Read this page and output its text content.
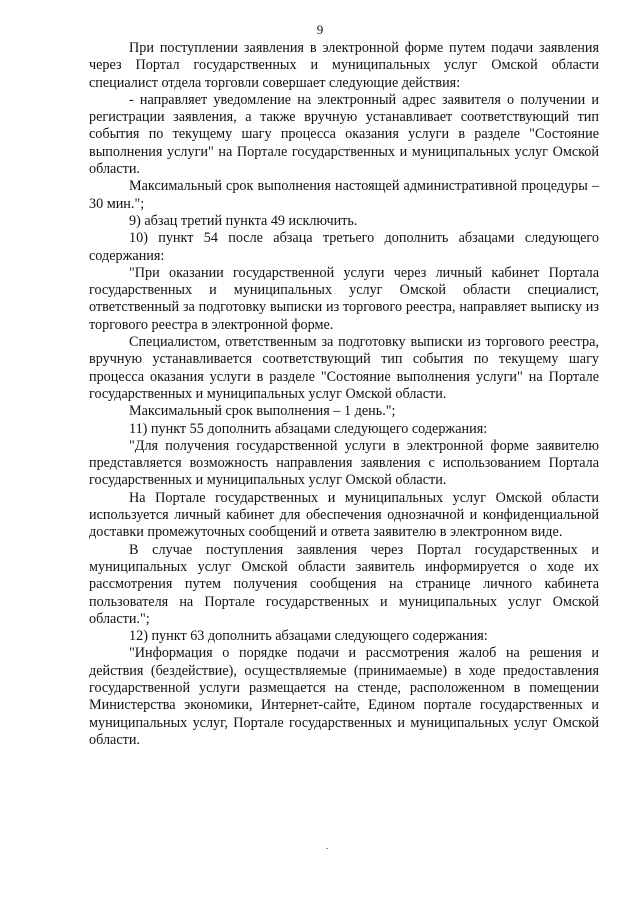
9

При поступлении заявления в электронной форме путем подачи заявления через Портал государственных и муниципальных услуг Омской области специалист отдела торговли совершает следующие действия:

- направляет уведомление на электронный адрес заявителя о получении и регистрации заявления, а также вручную устанавливает соответствующий тип события по текущему шагу процесса оказания услуги в разделе "Состояние выполнения услуги" на Портале государственных и муниципальных услуг Омской области.

Максимальный срок выполнения настоящей административной процедуры – 30 мин.";

9) абзац третий пункта 49 исключить.

10) пункт 54 после абзаца третьего дополнить абзацами следующего содержания:

"При оказании государственной услуги через личный кабинет Портала государственных и муниципальных услуг Омской области специалист, ответственный за подготовку выписки из торгового реестра, направляет выписку из торгового реестра в электронной форме.

Специалистом, ответственным за подготовку выписки из торгового реестра, вручную устанавливается соответствующий тип события по текущему шагу процесса оказания услуги в разделе "Состояние выполнения услуги" на Портале государственных и муниципальных услуг Омской области.

Максимальный срок выполнения – 1 день.";

11) пункт 55 дополнить абзацами следующего содержания:

"Для получения государственной услуги в электронной форме заявителю представляется возможность направления заявления с использованием Портала государственных и муниципальных услуг Омской области.

На Портале государственных и муниципальных услуг Омской области используется личный кабинет для обеспечения однозначной и конфиденциальной доставки промежуточных сообщений и ответа заявителю в электронном виде.

В случае поступления заявления через Портал государственных и муниципальных услуг Омской области заявитель информируется о ходе их рассмотрения путем получения сообщения на странице личного кабинета пользователя на Портале государственных и муниципальных услуг Омской области.";

12) пункт 63 дополнить абзацами следующего содержания:

"Информация о порядке подачи и рассмотрения жалоб на решения и действия (бездействие), осуществляемые (принимаемые) в ходе предоставления государственной услуги размещается на стенде, расположенном в помещении Министерства экономики, Интернет-сайте, Едином портале государственных и муниципальных услуг, Портале государственных и муниципальных услуг Омской области.
